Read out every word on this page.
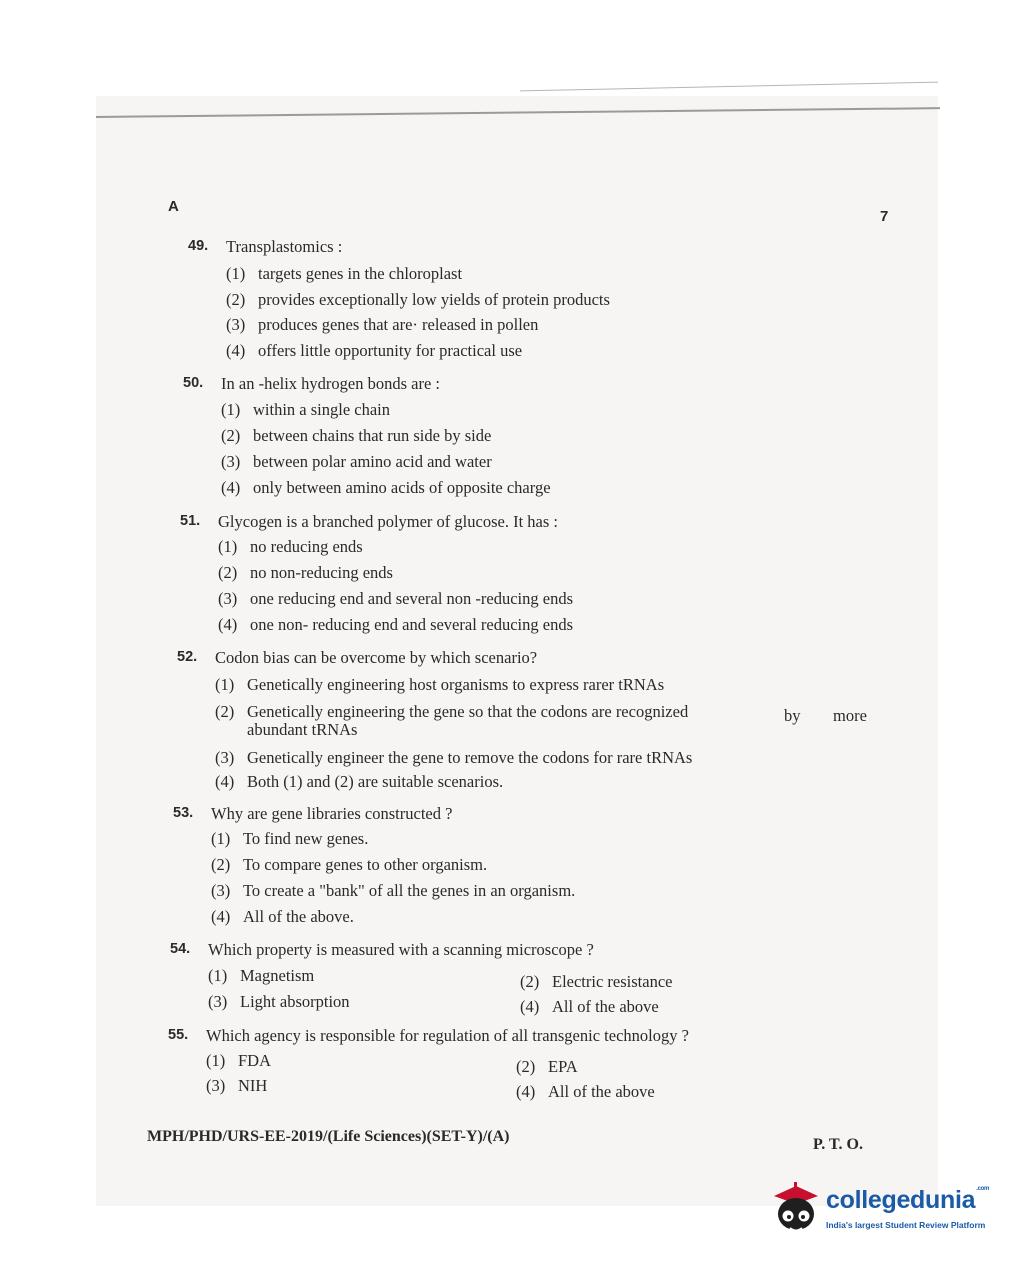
A
7
49. Transplastomics :
(1) targets genes in the chloroplast
(2) provides exceptionally low yields of protein products
(3) produces genes that are· released in pollen
(4) offers little opportunity for practical use
50. In an -helix hydrogen bonds are :
(1) within a single chain
(2) between chains that run side by side
(3) between polar amino acid and water
(4) only between amino acids of opposite charge
51. Glycogen is a branched polymer of glucose. It has :
(1) no reducing ends
(2) no non-reducing ends
(3) one reducing end and several non -reducing ends
(4) one non- reducing end and several reducing ends
52. Codon bias can be overcome by which scenario?
(1) Genetically engineering host organisms to express rarer tRNAs
(2) Genetically engineering the gene so that the codons are recognized	by more
abundant tRNAs
(3) Genetically engineer the gene to remove the codons for rare tRNAs
(4) Both (1) and (2) are suitable scenarios.
53. Why are gene libraries constructed ?
(1) To find new genes.
(2) To compare genes to other organism.
(3) To create a "bank" of all the genes in an organism.
(4) All of the above.
54. Which property is measured with a scanning microscope ?
(1) Magnetism	(2) Electric resistance
(3) Light absorption	(4) All of the above
55. Which agency is responsible for regulation of all transgenic technology ?
(1) FDA	(2) EPA
(3) NIH	(4) All of the above
MPH/PHD/URS-EE-2019/(Life Sciences)(SET-Y)/(A)	P. T. O.
collegedunia$^{.com}$
India's largest Student Review Platform
